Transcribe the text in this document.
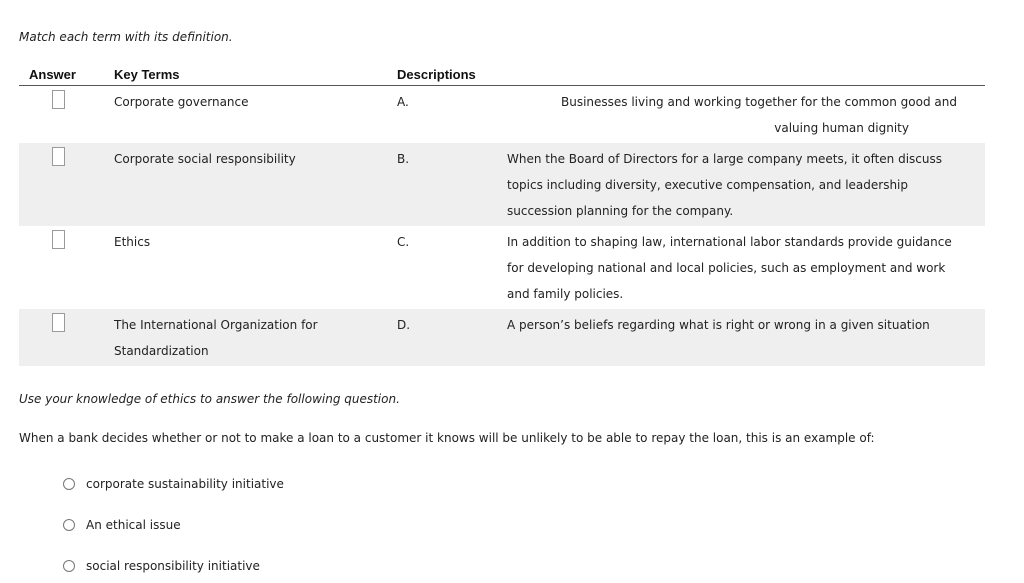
Match each term with its definition.
Answer	Key Terms	Descriptions	

	Corporate governance	A.	Businesses living and working together for the common good and
valuing human dignity

	Corporate social responsibility	B.	When the Board of Directors for a large company meets, it often discuss topics including diversity, executive compensation, and leadership succession planning for the company.

	Ethics	C.	In addition to shaping law, international labor standards provide guidance for developing national and local policies, such as employment and work and family policies.

	The International Organization for Standardization	D.	A person’s beliefs regarding what is right or wrong in a given situation
Use your knowledge of ethics to answer the following question.
When a bank decides whether or not to make a loan to a customer it knows will be unlikely to be able to repay the loan, this is an example of:
corporate sustainability initiative
An ethical issue
social responsibility initiative
